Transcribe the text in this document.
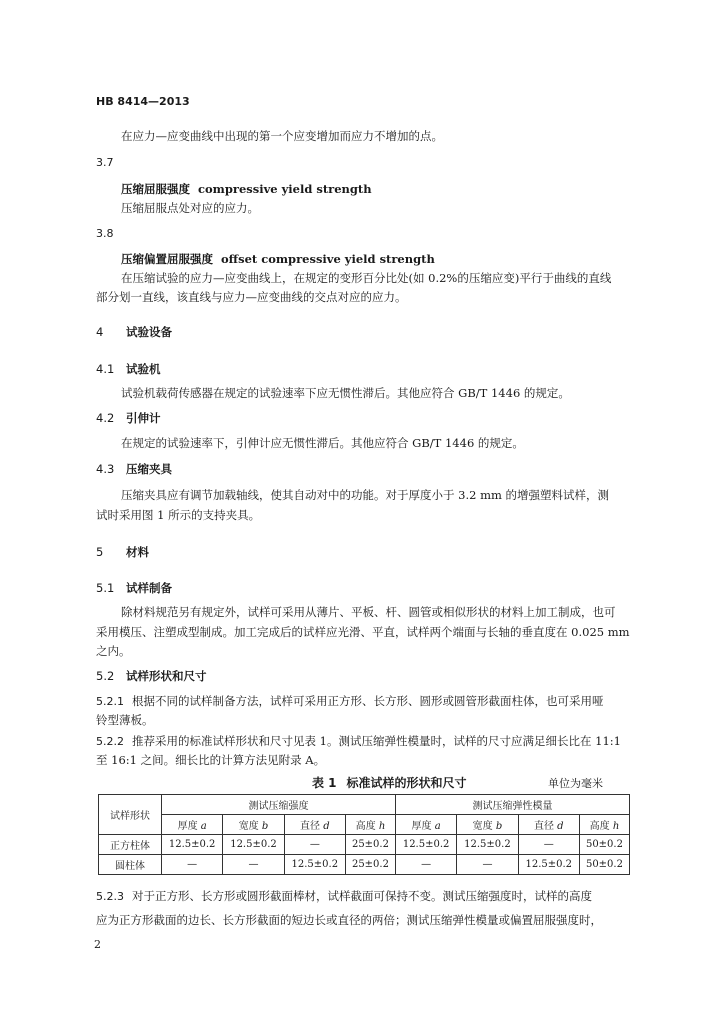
HB 8414—2013
在应力—应变曲线中出现的第一个应变增加而应力不增加的点。
3.7
压缩屈服强度 compressive yield strength
压缩屈服点处对应的应力。
3.8
压缩偏置屈服强度 offset compressive yield strength
在压缩试验的应力—应变曲线上，在规定的变形百分比处(如 0.2%的压缩应变)平行于曲线的直线
部分划一直线，该直线与应力—应变曲线的交点对应的应力。
4 试验设备
4.1 试验机
试验机载荷传感器在规定的试验速率下应无惯性滞后。其他应符合 GB/T 1446 的规定。
4.2 引伸计
在规定的试验速率下，引伸计应无惯性滞后。其他应符合 GB/T 1446 的规定。
4.3 压缩夹具
压缩夹具应有调节加载轴线，使其自动对中的功能。对于厚度小于 3.2 mm 的增强塑料试样，测
试时采用图 1 所示的支持夹具。
5 材料
5.1 试样制备
除材料规范另有规定外，试样可采用从薄片、平板、杆、圆管或相似形状的材料上加工制成，也可
采用模压、注塑成型制成。加工完成后的试样应光滑、平直，试样两个端面与长轴的垂直度在 0.025 mm
之内。
5.2 试样形状和尺寸
5.2.1 根据不同的试样制备方法，试样可采用正方形、长方形、圆形或圆管形截面柱体，也可采用哑
铃型薄板。
5.2.2 推荐采用的标准试样形状和尺寸见表 1。测试压缩弹性模量时，试样的尺寸应满足细长比在 11:1
至 16:1 之间。细长比的计算方法见附录 A。
表 1 标准试样的形状和尺寸	单位为毫米
试样形状	测试压缩强度				测试压缩弹性模量			
	厚度 a	宽度 b	直径 d	高度 h	厚度 a	宽度 b	直径 d	高度 h
正方柱体	12.5±0.2	12.5±0.2	—	25±0.2	12.5±0.2	12.5±0.2	—	50±0.2
圆柱体	—	—	12.5±0.2	25±0.2	—	—	12.5±0.2	50±0.2
5.2.3 对于正方形、长方形或圆形截面棒材，试样截面可保持不变。测试压缩强度时，试样的高度
应为正方形截面的边长、长方形截面的短边长或直径的两倍；测试压缩弹性模量或偏置屈服强度时，
2
